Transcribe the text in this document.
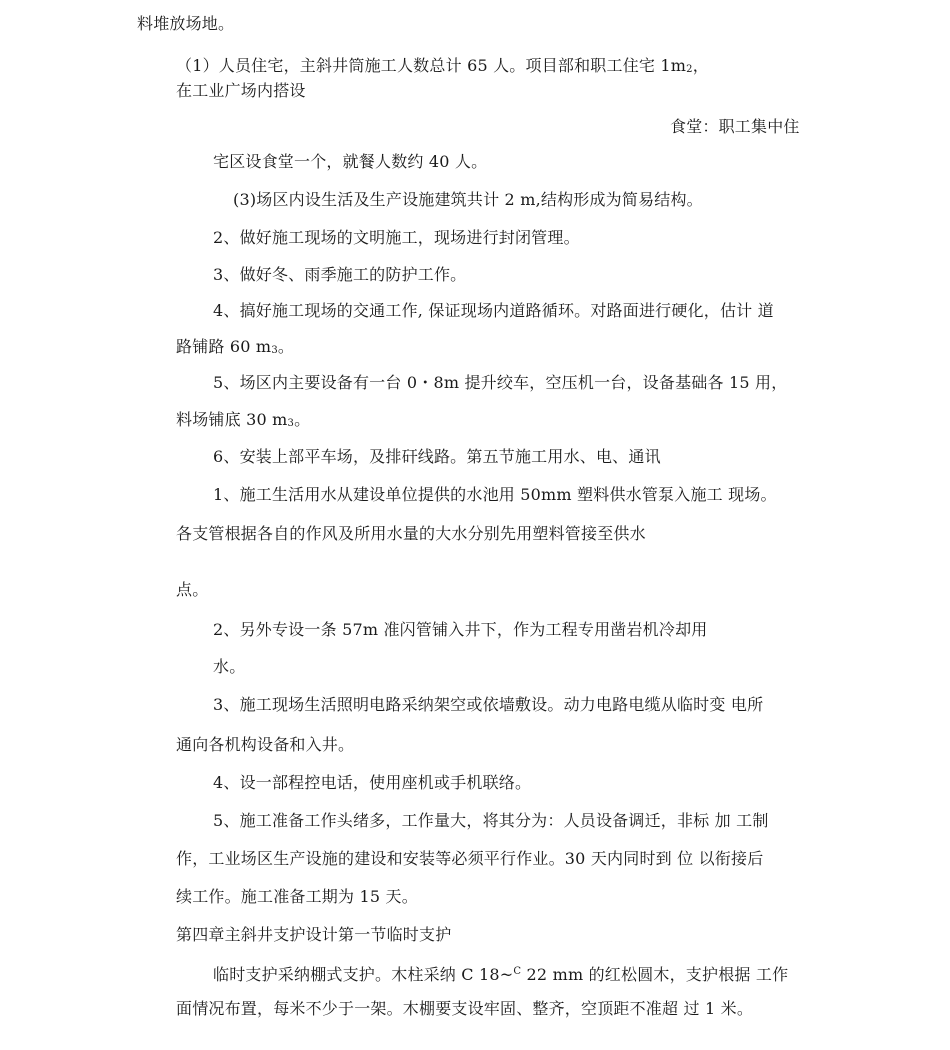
料堆放场地。
（1）人员住宅，主斜井筒施工人数总计 65 人。项目部和职工住宅 1m2，
在工业广场内搭设
食堂：职工集中住
宅区设食堂一个，就餐人数约 40 人。
(3)场区内设生活及生产设施建筑共计 2 m,结构形成为简易结构。
2、做好施工现场的文明施工，现场进行封闭管理。
3、做好冬、雨季施工的防护工作。
4、搞好施工现场的交通工作, 保证现场内道路循环。对路面进行硬化，估计 道
路铺路 60 m3。
5、场区内主要设备有一台 0・8m 提升绞车，空压机一台，设备基础各 15 用，
料场铺底 30 m3。
6、安装上部平车场，及排矸线路。第五节施工用水、电、通讯
1、施工生活用水从建设单位提供的水池用 50mm 塑料供水管泵入施工 现场。
各支管根据各自的作风及所用水量的大水分别先用塑料管接至供水
点。
2、另外专设一条 57m 准闪管铺入井下，作为工程专用凿岩机冷却用
水。
3、施工现场生活照明电路采纳架空或依墙敷设。动力电路电缆从临时变 电所
通向各机构设备和入井。
4、设一部程控电话，使用座机或手机联络。
5、施工准备工作头绪多，工作量大，将其分为：人员设备调迁，非标 加 工制
作，工业场区生产设施的建设和安装等必须平行作业。30 天内同时到 位 以衔接后
续工作。施工准备工期为 15 天。
第四章主斜井支护设计第一节临时支护
临时支护采纳棚式支护。木柱采纳 C 18~$^C$ 22 mm 的红松圆木，支护根据 工作
面情况布置，每米不少于一架。木棚要支设牢固、整齐，空顶距不准超 过 1 米。
